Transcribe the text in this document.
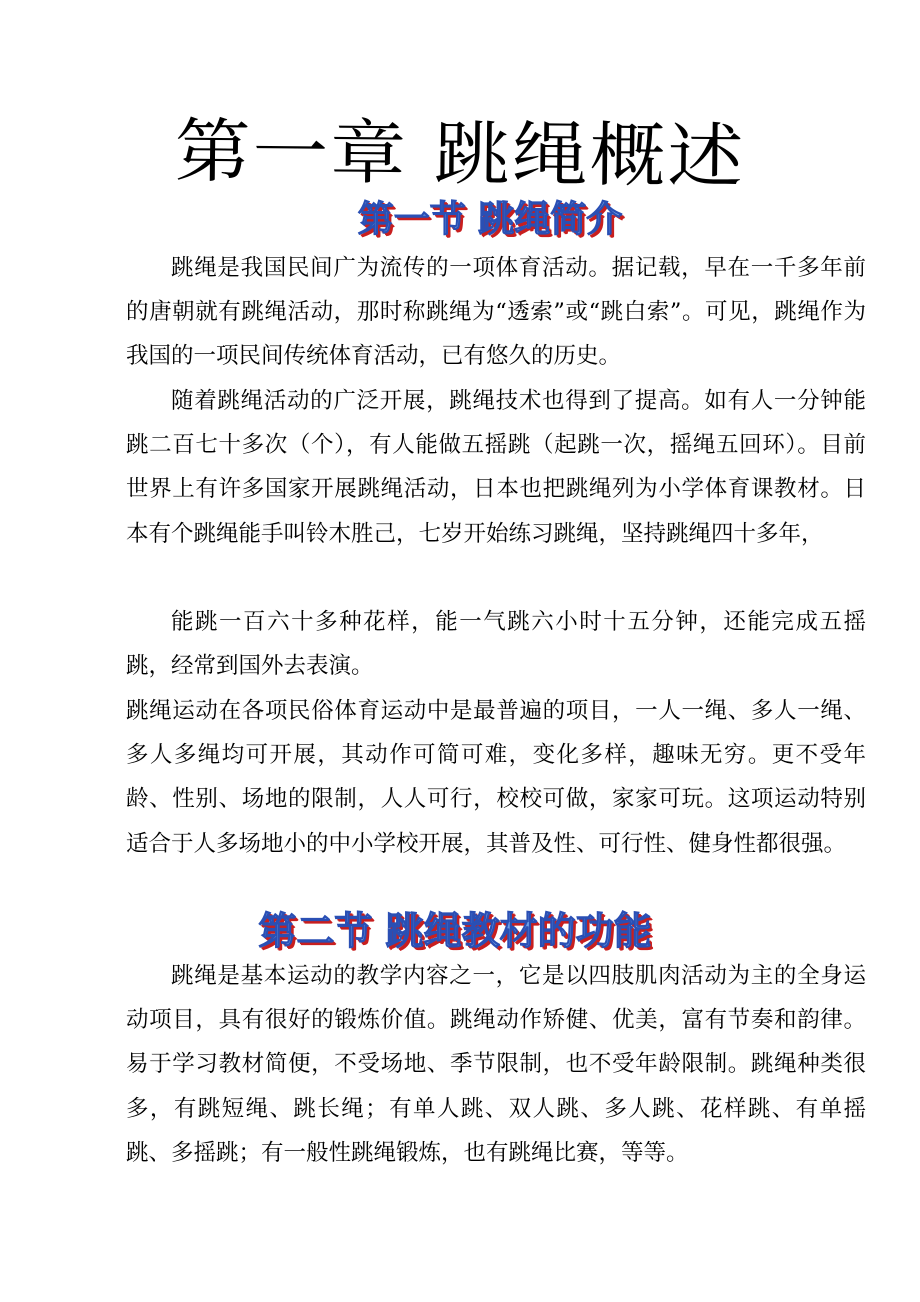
第一章 跳绳概述
第一节 跳绳简介

跳绳是我国民间广为流传的一项体育活动。据记载，早在一千多年前的唐朝就有跳绳活动，那时称跳绳为“透索”或“跳白索”。可见，跳绳作为我国的一项民间传统体育活动，已有悠久的历史。

随着跳绳活动的广泛开展，跳绳技术也得到了提高。如有人一分钟能跳二百七十多次（个），有人能做五摇跳（起跳一次，摇绳五回环）。目前世界上有许多国家开展跳绳活动，日本也把跳绳列为小学体育课教材。日本有个跳绳能手叫铃木胜己，七岁开始练习跳绳，坚持跳绳四十多年，

能跳一百六十多种花样，能一气跳六小时十五分钟，还能完成五摇跳，经常到国外去表演。

跳绳运动在各项民俗体育运动中是最普遍的项目，一人一绳、多人一绳、多人多绳均可开展，其动作可简可难，变化多样，趣味无穷。更不受年龄、性别、场地的限制，人人可行，校校可做，家家可玩。这项运动特别适合于人多场地小的中小学校开展，其普及性、可行性、健身性都很强。

第二节 跳绳教材的功能

跳绳是基本运动的教学内容之一，它是以四肢肌肉活动为主的全身运动项目，具有很好的锻炼价值。跳绳动作矫健、优美，富有节奏和韵律。易于学习教材简便，不受场地、季节限制，也不受年龄限制。跳绳种类很多，有跳短绳、跳长绳；有单人跳、双人跳、多人跳、花样跳、有单摇跳、多摇跳；有一般性跳绳锻炼，也有跳绳比赛，等等。
